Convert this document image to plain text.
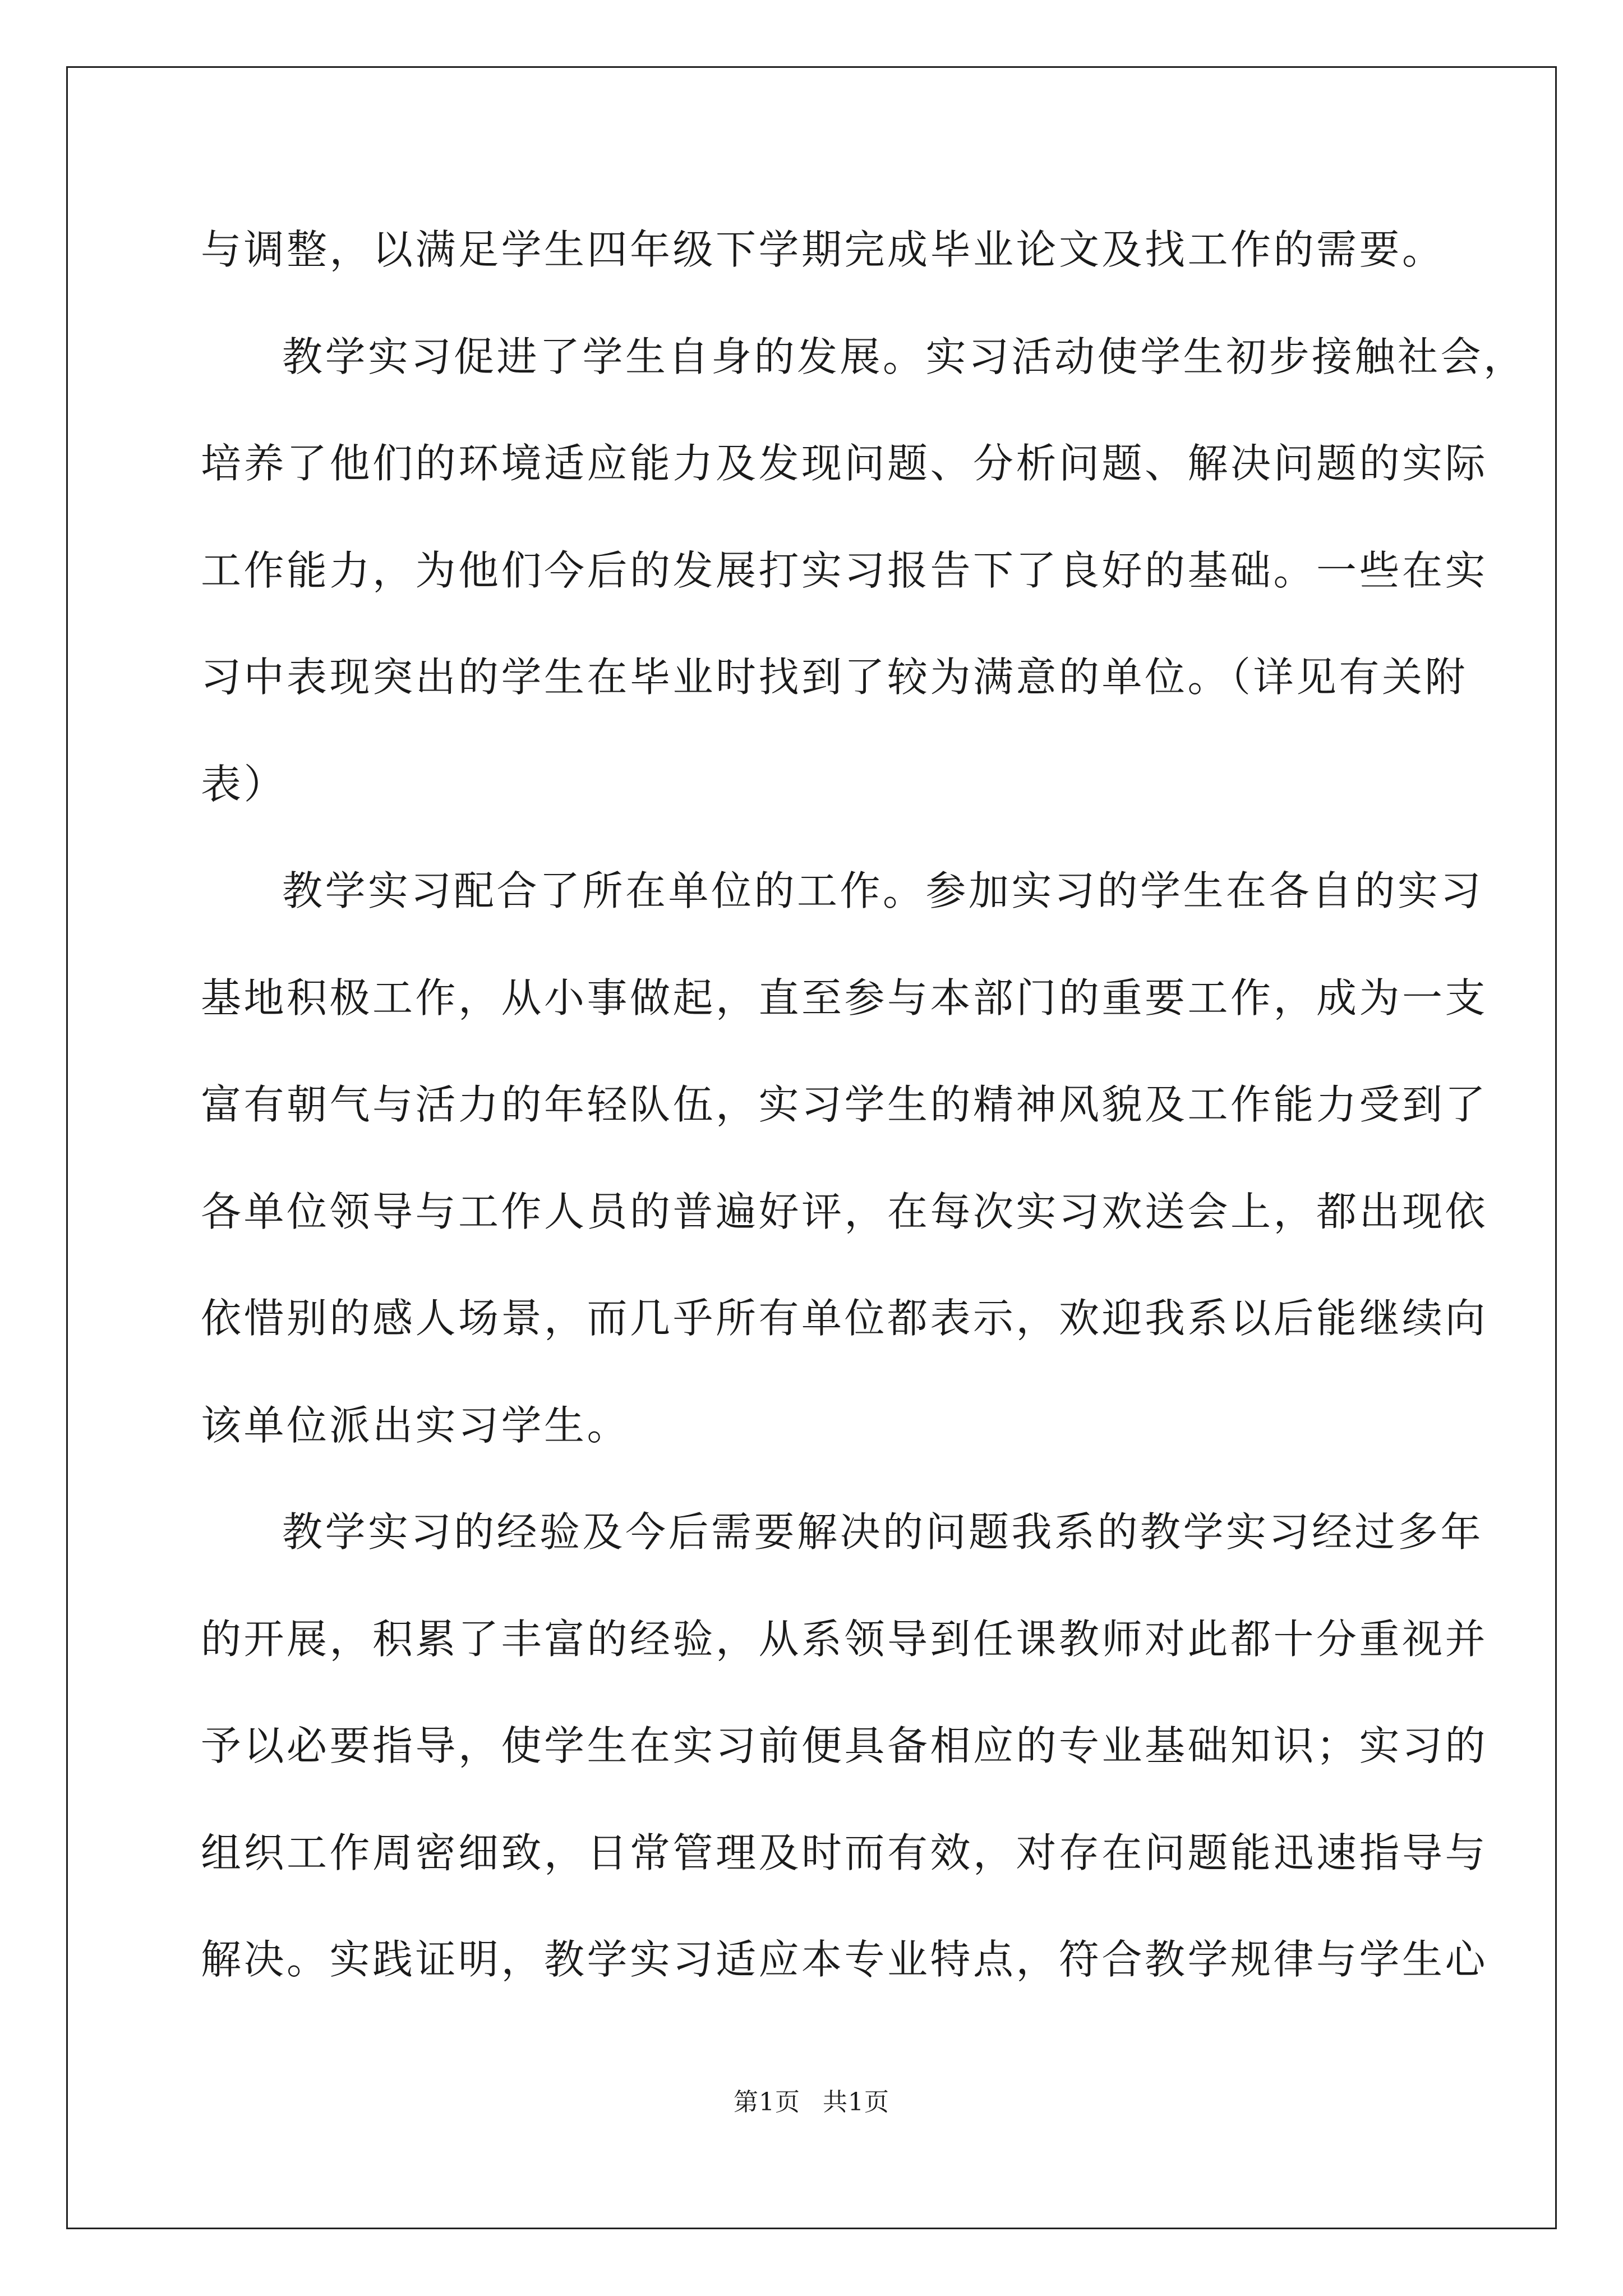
与调整，以满足学生四年级下学期完成毕业论文及找工作的需要。
教学实习促进了学生自身的发展。实习活动使学生初步接触社会，
培养了他们的环境适应能力及发现问题、分析问题、解决问题的实际
工作能力，为他们今后的发展打实习报告下了良好的基础。一些在实
习中表现突出的学生在毕业时找到了较为满意的单位。（详见有关附
表）
教学实习配合了所在单位的工作。参加实习的学生在各自的实习
基地积极工作，从小事做起，直至参与本部门的重要工作，成为一支
富有朝气与活力的年轻队伍，实习学生的精神风貌及工作能力受到了
各单位领导与工作人员的普遍好评，在每次实习欢送会上，都出现依
依惜别的感人场景，而几乎所有单位都表示，欢迎我系以后能继续向
该单位派出实习学生。
教学实习的经验及今后需要解决的问题我系的教学实习经过多年
的开展，积累了丰富的经验，从系领导到任课教师对此都十分重视并
予以必要指导，使学生在实习前便具备相应的专业基础知识；实习的
组织工作周密细致，日常管理及时而有效，对存在问题能迅速指导与
解决。实践证明，教学实习适应本专业特点，符合教学规律与学生心
第1页 共1页
